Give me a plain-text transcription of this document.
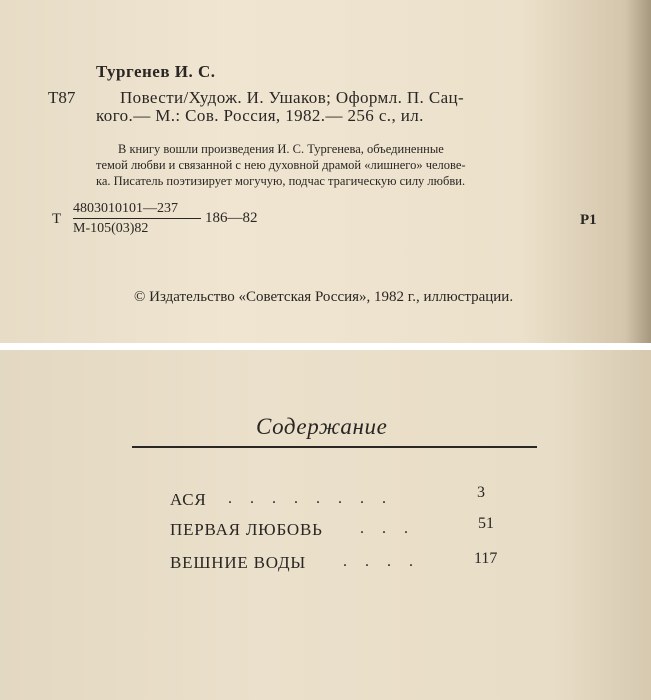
Тургенев И. С.
Т87	Повести/Худож. И. Ушаков; Оформл. П. Сац-
кого.— М.: Сов. Россия, 1982.— 256 с., ил.
В книгу вошли произведения И. С. Тургенева, объединенные
темой любви и связанной с нею духовной драмой «лишнего» челове-
ка. Писатель поэтизирует могучую, подчас трагическую силу любви.
Т
4803010101—237
М-105(03)82
186—82	Р1
© Издательство «Советская Россия», 1982 г., иллюстрации.
Содержание
АСЯ . . . . . . . .	3
ПЕРВАЯ ЛЮБОВЬ . . .	51
ВЕШНИЕ ВОДЫ . . . .	117
